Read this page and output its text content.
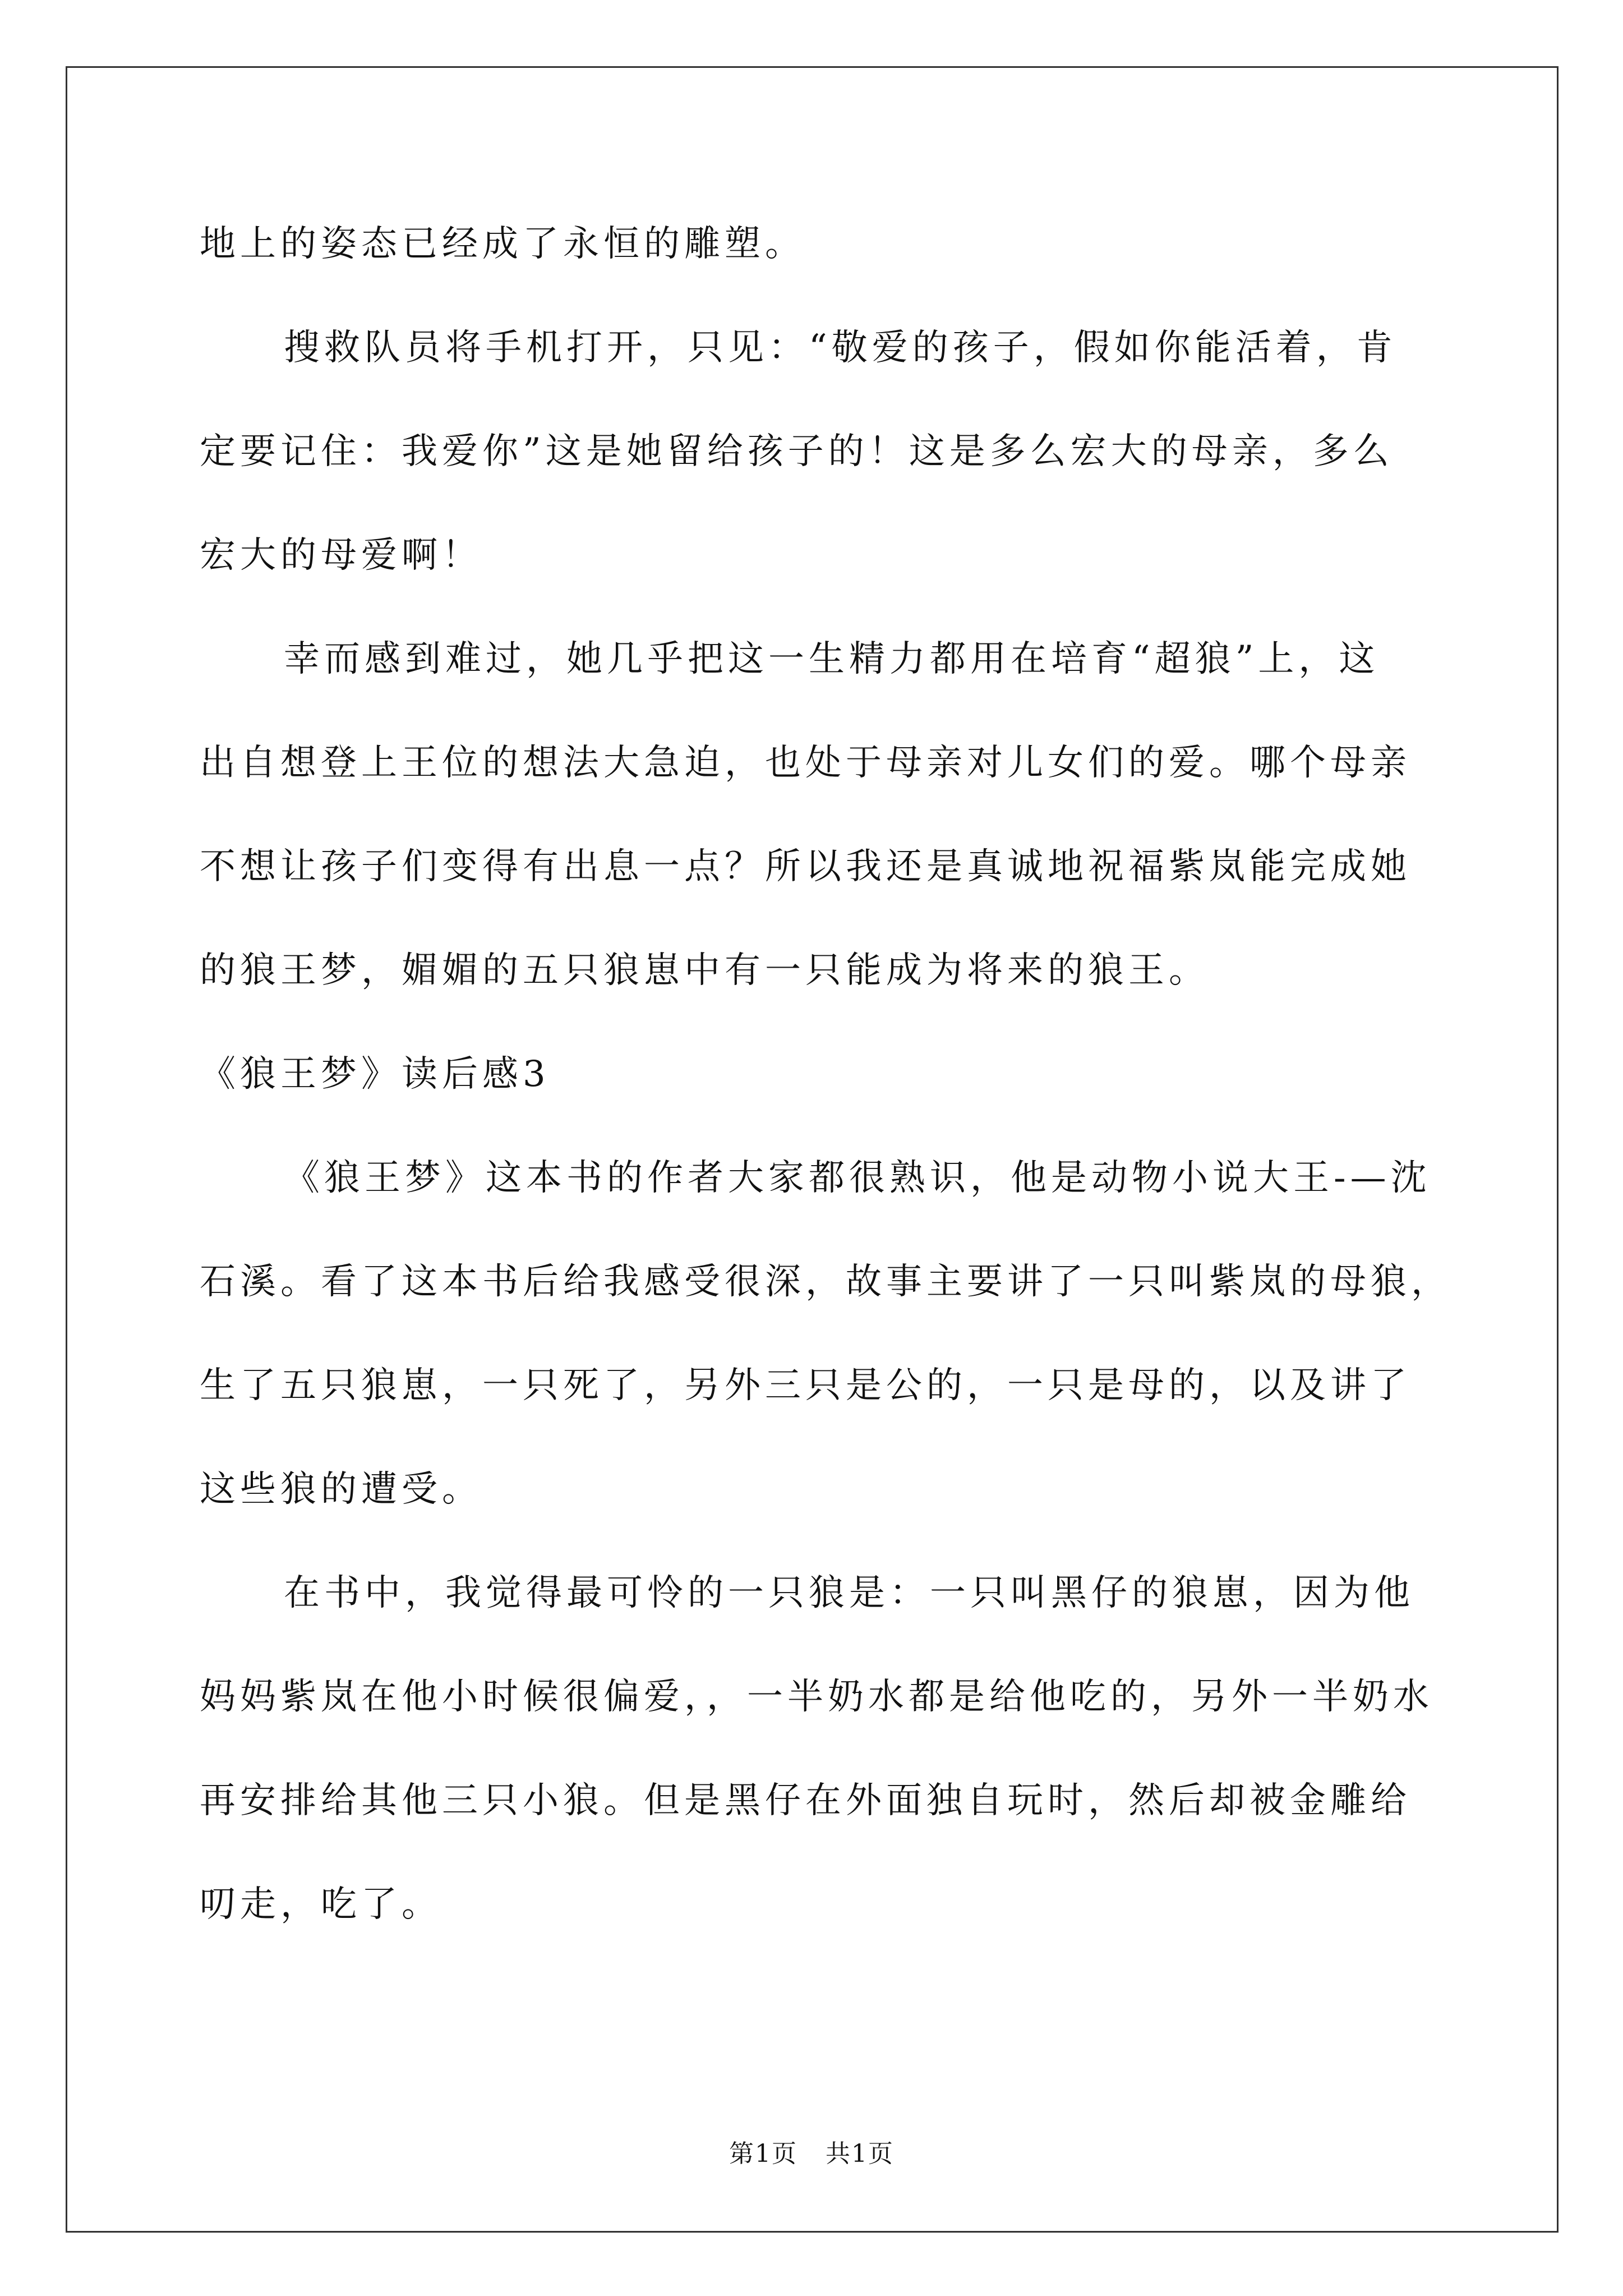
地上的姿态已经成了永恒的雕塑。
搜救队员将手机打开，只见：“敬爱的孩子，假如你能活着，肯
定要记住：我爱你”这是她留给孩子的！这是多么宏大的母亲，多么
宏大的母爱啊！
幸而感到难过，她几乎把这一生精力都用在培育“超狼”上，这
出自想登上王位的想法大急迫，也处于母亲对儿女们的爱。哪个母亲
不想让孩子们变得有出息一点？所以我还是真诚地祝福紫岚能完成她
的狼王梦，媚媚的五只狼崽中有一只能成为将来的狼王。
《狼王梦》读后感3
《狼王梦》这本书的作者大家都很熟识，他是动物小说大王-—沈
石溪。看了这本书后给我感受很深，故事主要讲了一只叫紫岚的母狼，
生了五只狼崽，一只死了，另外三只是公的，一只是母的，以及讲了
这些狼的遭受。
在书中，我觉得最可怜的一只狼是：一只叫黑仔的狼崽，因为他
妈妈紫岚在他小时候很偏爱，，一半奶水都是给他吃的，另外一半奶水
再安排给其他三只小狼。但是黑仔在外面独自玩时，然后却被金雕给
叨走，吃了。
第1页 共1页
